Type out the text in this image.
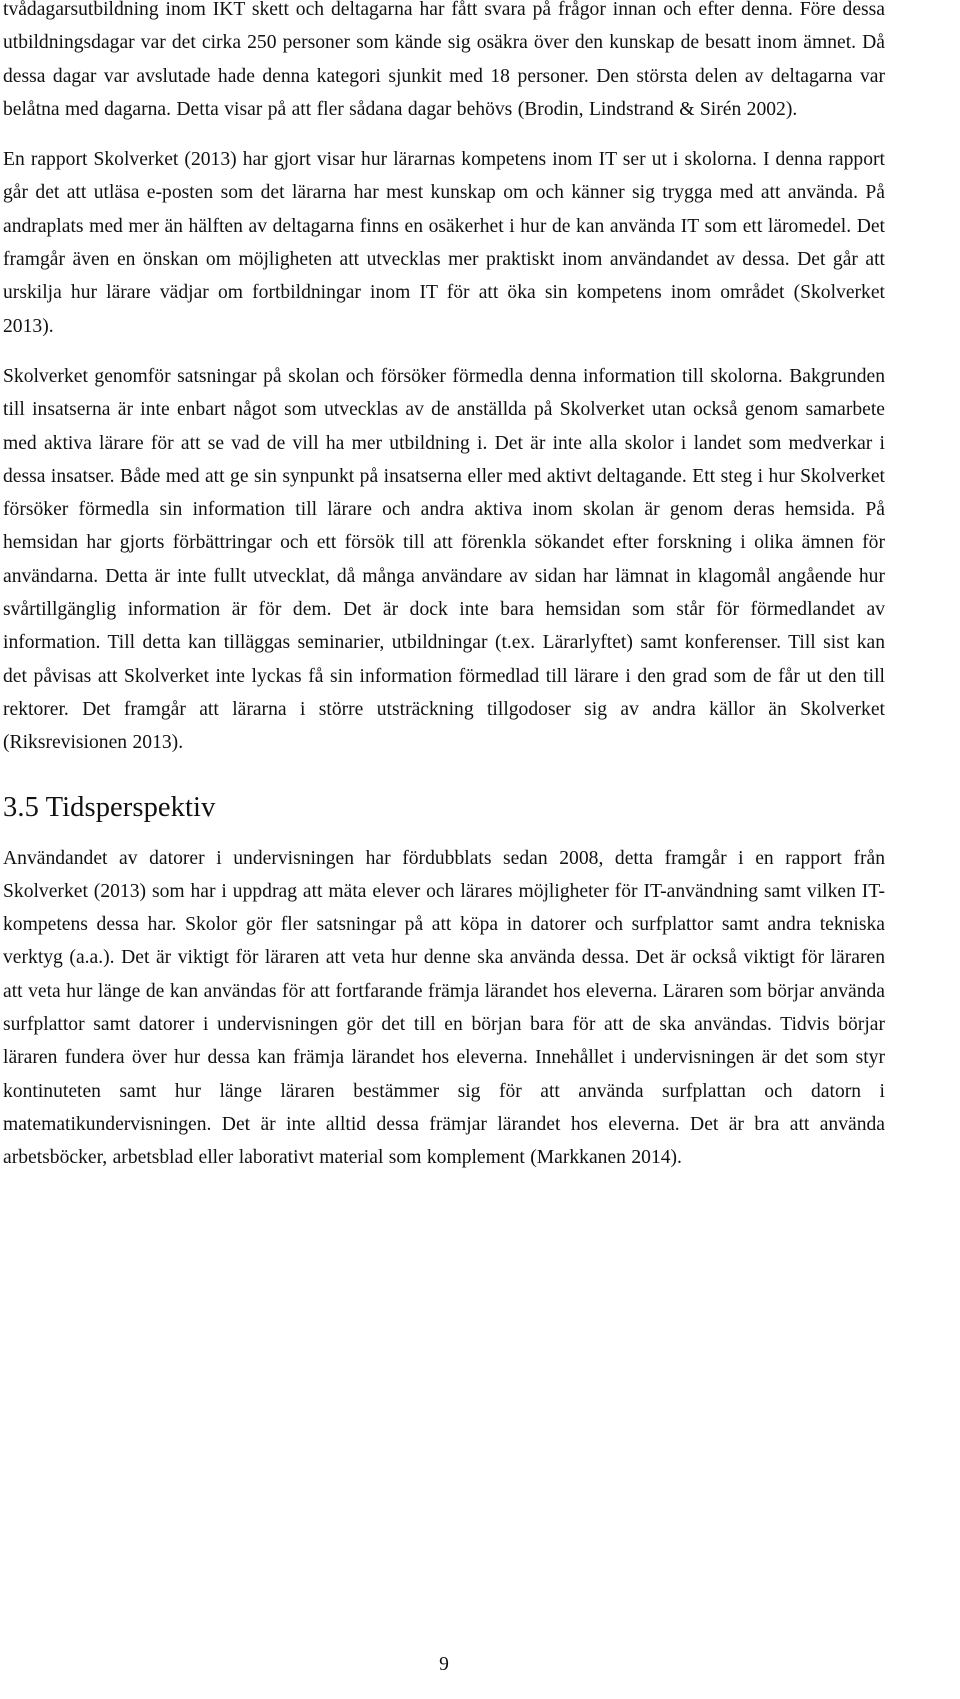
tvådagarsutbildning inom IKT skett och deltagarna har fått svara på frågor innan och efter denna. Före dessa utbildningsdagar var det cirka 250 personer som kände sig osäkra över den kunskap de besatt inom ämnet. Då dessa dagar var avslutade hade denna kategori sjunkit med 18 personer. Den största delen av deltagarna var belåtna med dagarna. Detta visar på att fler sådana dagar behövs (Brodin, Lindstrand & Sirén 2002).

En rapport Skolverket (2013) har gjort visar hur lärarnas kompetens inom IT ser ut i skolorna. I denna rapport går det att utläsa e-posten som det lärarna har mest kunskap om och känner sig trygga med att använda. På andraplats med mer än hälften av deltagarna finns en osäkerhet i hur de kan använda IT som ett läromedel. Det framgår även en önskan om möjligheten att utvecklas mer praktiskt inom användandet av dessa. Det går att urskilja hur lärare vädjar om fortbildningar inom IT för att öka sin kompetens inom området (Skolverket 2013).

Skolverket genomför satsningar på skolan och försöker förmedla denna information till skolorna. Bakgrunden till insatserna är inte enbart något som utvecklas av de anställda på Skolverket utan också genom samarbete med aktiva lärare för att se vad de vill ha mer utbildning i. Det är inte alla skolor i landet som medverkar i dessa insatser. Både med att ge sin synpunkt på insatserna eller med aktivt deltagande. Ett steg i hur Skolverket försöker förmedla sin information till lärare och andra aktiva inom skolan är genom deras hemsida. På hemsidan har gjorts förbättringar och ett försök till att förenkla sökandet efter forskning i olika ämnen för användarna. Detta är inte fullt utvecklat, då många användare av sidan har lämnat in klagomål angående hur svårtillgänglig information är för dem. Det är dock inte bara hemsidan som står för förmedlandet av information. Till detta kan tilläggas seminarier, utbildningar (t.ex. Lärarlyftet) samt konferenser. Till sist kan det påvisas att Skolverket inte lyckas få sin information förmedlad till lärare i den grad som de får ut den till rektorer. Det framgår att lärarna i större utsträckning tillgodoser sig av andra källor än Skolverket (Riksrevisionen 2013).

3.5 Tidsperspektiv

Användandet av datorer i undervisningen har fördubblats sedan 2008, detta framgår i en rapport från Skolverket (2013) som har i uppdrag att mäta elever och lärares möjligheter för IT-användning samt vilken IT-kompetens dessa har. Skolor gör fler satsningar på att köpa in datorer och surfplattor samt andra tekniska verktyg (a.a.). Det är viktigt för läraren att veta hur denne ska använda dessa. Det är också viktigt för läraren att veta hur länge de kan användas för att fortfarande främja lärandet hos eleverna. Läraren som börjar använda surfplattor samt datorer i undervisningen gör det till en början bara för att de ska användas. Tidvis börjar läraren fundera över hur dessa kan främja lärandet hos eleverna. Innehållet i undervisningen är det som styr kontinuteten samt hur länge läraren bestämmer sig för att använda surfplattan och datorn i matematikundervisningen. Det är inte alltid dessa främjar lärandet hos eleverna. Det är bra att använda arbetsböcker, arbetsblad eller laborativt material som komplement (Markkanen 2014).

9
